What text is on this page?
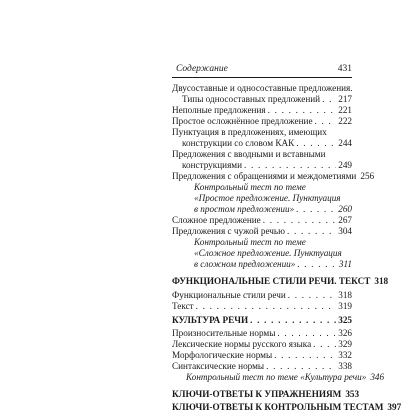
Содержание	431
Двусоставные и односоставные предложения.
Типы односоставных предложений . . . 217
Неполные предложения . . .	221
Простое осложнённое предложение . . .	222
Пунктуация в предложениях, имеющих
конструкции со словом КАК . . .	244
Предложения с вводными и вставными
конструкциями . . .	249
Предложения с обращениями и междометиями 256
Контрольный тест по теме
«Простое предложение. Пунктуация
в простом предложении» . . .	260
Сложное предложение . . .	267
Предложения с чужой речью . . .	304
Контрольный тест по теме
«Сложное предложение. Пунктуация
в сложном предложении» . . .	311
ФУНКЦИОНАЛЬНЫЕ СТИЛИ РЕЧИ. ТЕКСТ 318
Функциональные стили речи . . .	318
Текст . . .	319
КУЛЬТУРА РЕЧИ . . .	325
Произносительные нормы . . .	326
Лексические нормы русского языка . . .	329
Морфологические нормы . . .	332
Синтаксические нормы . . .	338
Контрольный тест по теме «Культура речи» 346
КЛЮЧИ-ОТВЕТЫ К УПРАЖНЕНИЯМ 353
КЛЮЧИ-ОТВЕТЫ К КОНТРОЛЬНЫМ ТЕСТАМ 397
